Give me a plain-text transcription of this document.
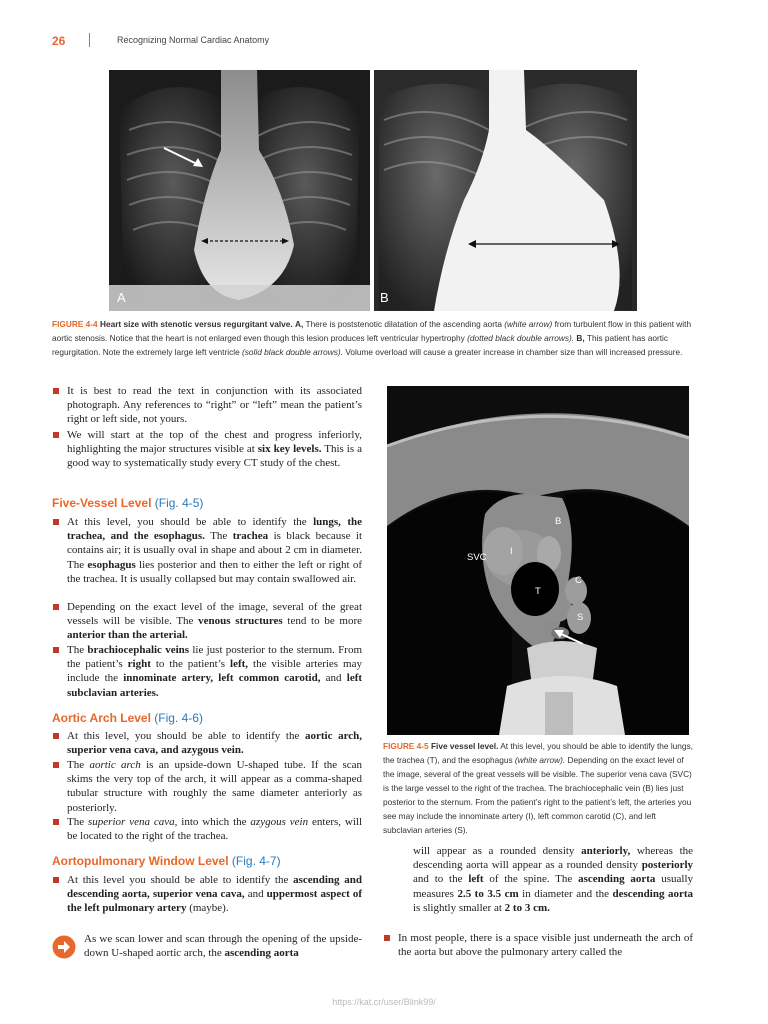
26	Recognizing Normal Cardiac Anatomy
A	compres B
FIGURE 4-4 Heart size with stenotic versus regurgitant valve. A, There is poststenotic dilatation of the ascending aorta (white arrow) from turbulent flow in this patient with aortic stenosis. Notice that the heart is not enlarged even though this lesion produces left ventricular hypertrophy (dotted black double arrows). B, This patient has aortic regurgitation. Note the extremely large left ventricle (solid black double arrows). Volume overload will cause a greater increase in chamber size than will increased pressure.
It is best to read the text in conjunction with its associated photograph. Any references to “right” or “left” mean the patient’s right or left side, not yours.
We will start at the top of the chest and progress inferiorly, highlighting the major structures visible at six key levels. This is a good way to systematically study every CT study of the chest.
Five-Vessel Level (Fig. 4-5)
At this level, you should be able to identify the lungs, the trachea, and the esophagus. The trachea is black because it contains air; it is usually oval in shape and about 2 cm in diameter. The esophagus lies posterior and then to either the left or right of the trachea. It is usually collapsed but may contain swallowed air.
Depending on the exact level of the image, several of the great vessels will be visible. The venous structures tend to be more anterior than the arterial.
The brachiocephalic veins lie just posterior to the sternum. From the patient’s right to the patient’s left, the visible arteries may include the innominate artery, left common carotid, and left subclavian arteries.
Aortic Arch Level (Fig. 4-6)
At this level, you should be able to identify the aortic arch, superior vena cava, and azygous vein.
The aortic arch is an upside-down U-shaped tube. If the scan skims the very top of the arch, it will appear as a comma-shaped tubular structure with roughly the same diameter anteriorly as posteriorly.
The superior vena cava, into which the azygous vein enters, will be located to the right of the trachea.
Aortopulmonary Window Level (Fig. 4-7)
At this level you should be able to identify the ascending and descending aorta, superior vena cava, and uppermost aspect of the left pulmonary artery (maybe).
As we scan lower and scan through the opening of the upside-down U-shaped aortic arch, the ascending aorta
B
SVC
I
C
T
S
FIGURE 4-5 Five vessel level. At this level, you should be able to identify the lungs, the trachea (T), and the esophagus (white arrow). Depending on the exact level of the image, several of the great vessels will be visible. The superior vena cava (SVC) is the large vessel to the right of the trachea. The brachiocephalic vein (B) lies just posterior to the sternum. From the patient’s right to the patient’s left, the arteries you see may include the innominate artery (I), left common carotid (C), and left subclavian arteries (S).
will appear as a rounded density anteriorly, whereas the descending aorta will appear as a rounded density posteriorly and to the left of the spine. The ascending aorta usually measures 2.5 to 3.5 cm in diameter and the descending aorta is slightly smaller at 2 to 3 cm.
In most people, there is a space visible just underneath the arch of the aorta but above the pulmonary artery called the
https://kat.cr/user/Blink99/
